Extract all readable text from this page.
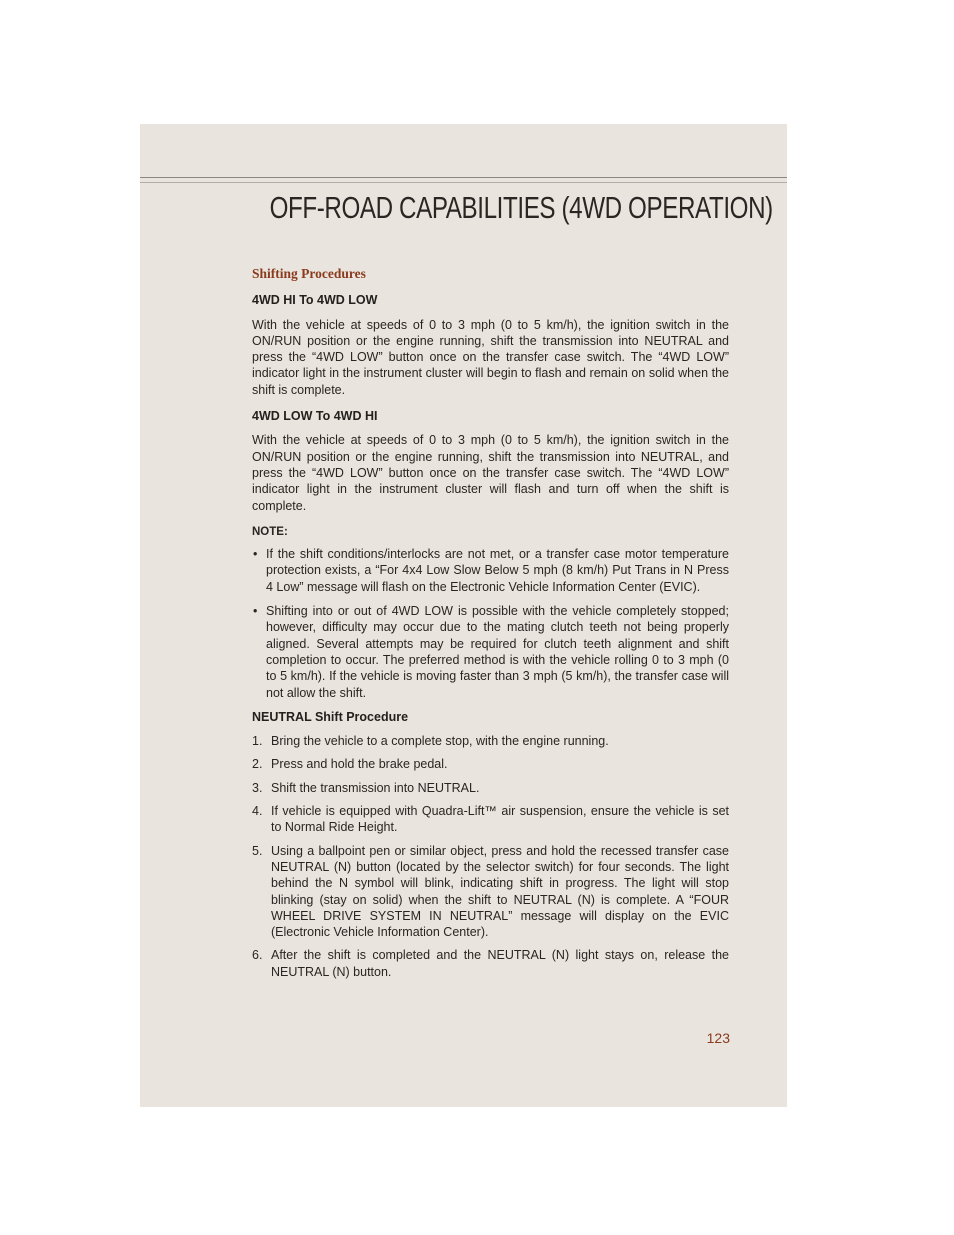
OFF-ROAD CAPABILITIES (4WD OPERATION)
Shifting Procedures
4WD HI To 4WD LOW

With the vehicle at speeds of 0 to 3 mph (0 to 5 km/h), the ignition switch in the ON/RUN position or the engine running, shift the transmission into NEUTRAL and press the “4WD LOW” button once on the transfer case switch. The “4WD LOW” indicator light in the instrument cluster will begin to flash and remain on solid when the shift is complete.

4WD LOW To 4WD HI

With the vehicle at speeds of 0 to 3 mph (0 to 5 km/h), the ignition switch in the ON/RUN position or the engine running, shift the transmission into NEUTRAL, and press the “4WD LOW” button once on the transfer case switch. The “4WD LOW” indicator light in the instrument cluster will flash and turn off when the shift is complete.

NOTE:
• If the shift conditions/interlocks are not met, or a transfer case motor temperature protection exists, a “For 4x4 Low Slow Below 5 mph (8 km/h) Put Trans in N Press 4 Low” message will flash on the Electronic Vehicle Information Center (EVIC).
• Shifting into or out of 4WD LOW is possible with the vehicle completely stopped; however, difficulty may occur due to the mating clutch teeth not being properly aligned. Several attempts may be required for clutch teeth alignment and shift completion to occur. The preferred method is with the vehicle rolling 0 to 3 mph (0 to 5 km/h). If the vehicle is moving faster than 3 mph (5 km/h), the transfer case will not allow the shift.
NEUTRAL Shift Procedure
1. Bring the vehicle to a complete stop, with the engine running.
2. Press and hold the brake pedal.
3. Shift the transmission into NEUTRAL.
4. If vehicle is equipped with Quadra-Lift™ air suspension, ensure the vehicle is set to Normal Ride Height.
5. Using a ballpoint pen or similar object, press and hold the recessed transfer case NEUTRAL (N) button (located by the selector switch) for four seconds. The light behind the N symbol will blink, indicating shift in progress. The light will stop blinking (stay on solid) when the shift to NEUTRAL (N) is complete. A “FOUR WHEEL DRIVE SYSTEM IN NEUTRAL” message will display on the EVIC (Electronic Vehicle Information Center).
6. After the shift is completed and the NEUTRAL (N) light stays on, release the NEUTRAL (N) button.
123
